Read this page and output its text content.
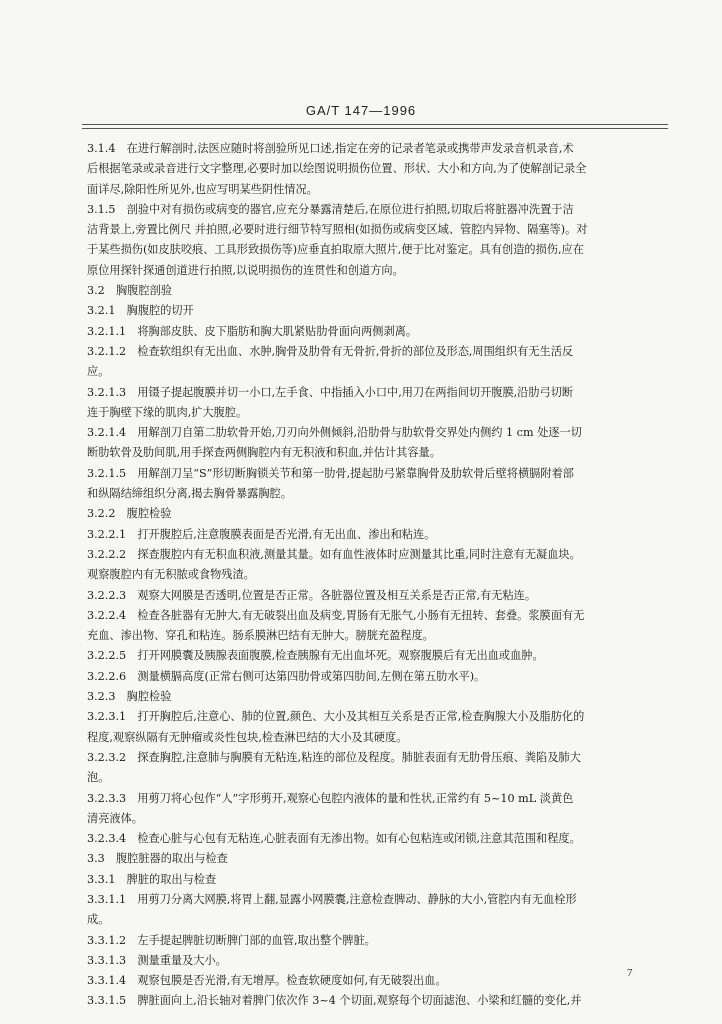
GA/T 147—1996
3.1.4　在进行解剖时,法医应随时将剖验所见口述,指定在旁的记录者笔录或携带声发录音机录音,术
后根据笔录或录音进行文字整理,必要时加以绘图说明损伤位置、形状、大小和方向,为了使解剖记录全
面详尽,除阳性所见外,也应写明某些阴性情况。
3.1.5　剖验中对有损伤或病变的器官,应充分暴露清楚后,在原位进行拍照,切取后将脏器冲洗置于洁
洁背景上,旁置比例尺 并拍照,必要时进行细节特写照相(如损伤或病变区域、管腔内异物、隔塞等)。对
于某些损伤(如皮肤咬痕、工具形致损伤等)应垂直拍取原大照片,便于比对鉴定。具有创造的损伤,应在
原位用探针探通创道进行拍照,以说明损伤的连贯性和创道方向。
3.2　胸腹腔剖验
3.2.1　胸腹腔的切开
3.2.1.1　将胸部皮肤、皮下脂肪和胸大肌紧贴肋骨面向两侧剥离。
3.2.1.2　检查软组织有无出血、水肿,胸骨及肋骨有无骨折,骨折的部位及形态,周围组织有无生活反
应。
3.2.1.3　用镊子提起腹膜并切一小口,左手食、中指插入小口中,用刀在两指间切开腹膜,沿肋弓切断
连于胸壁下缘的肌肉,扩大腹腔。
3.2.1.4　用解剖刀自第二肋软骨开始,刀刃向外侧倾斜,沿肋骨与肋软骨交界处内侧约 1 cm 处逐一切
断肋软骨及肋间肌,用手探查两侧胸腔内有无积液和积血,并估计其容量。
3.2.1.5　用解剖刀呈“S”形切断胸锁关节和第一肋骨,提起肋弓紧靠胸骨及肋软骨后壁将横膈附着部
和纵隔结缔组织分离,揭去胸骨暴露胸腔。
3.2.2　腹腔检验
3.2.2.1　打开腹腔后,注意腹膜表面是否光滑,有无出血、渗出和粘连。
3.2.2.2　探查腹腔内有无积血积液,测量其量。如有血性液体时应测量其比重,同时注意有无凝血块。
观察腹腔内有无积脓或食物残渣。
3.2.2.3　观察大网膜是否透明,位置是否正常。各脏器位置及相互关系是否正常,有无粘连。
3.2.2.4　检查各脏器有无肿大,有无破裂出血及病变,胃肠有无胀气,小肠有无扭转、套叠。浆膜面有无
充血、渗出物、穿孔和粘连。肠系膜淋巴结有无肿大。膀胱充盈程度。
3.2.2.5　打开网膜囊及胰腺表面腹膜,检查胰腺有无出血坏死。观察腹膜后有无出血或血肿。
3.2.2.6　测量横膈高度(正常右侧可达第四肋骨或第四肋间,左侧在第五肋水平)。
3.2.3　胸腔检验
3.2.3.1　打开胸腔后,注意心、肺的位置,颜色、大小及其相互关系是否正常,检查胸腺大小及脂肪化的
程度,观察纵隔有无肿瘤或炎性包块,检查淋巴结的大小及其硬度。
3.2.3.2　探查胸腔,注意肺与胸膜有无粘连,粘连的部位及程度。肺脏表面有无肋骨压痕、粪陷及肺大
泡。
3.2.3.3　用剪刀将心包作“人”字形剪开,观察心包腔内液体的量和性状,正常约有 5~10 mL 淡黄色
清亮液体。
3.2.3.4　检查心脏与心包有无粘连,心脏表面有无渗出物。如有心包粘连或闭锁,注意其范围和程度。
3.3　腹腔脏器的取出与检查
3.3.1　脾脏的取出与检查
3.3.1.1　用剪刀分离大网膜,将胃上翻,显露小网膜囊,注意检查脾动、静脉的大小,管腔内有无血栓形
成。
3.3.1.2　左手提起脾脏切断脾门部的血管,取出整个脾脏。
3.3.1.3　测量重量及大小。
3.3.1.4　观察包膜是否光滑,有无增厚。检查软硬度如何,有无破裂出血。
3.3.1.5　脾脏面向上,沿长轴对着脾门依次作 3~4 个切面,观察每个切面滤泡、小梁和红髓的变化,并
7
